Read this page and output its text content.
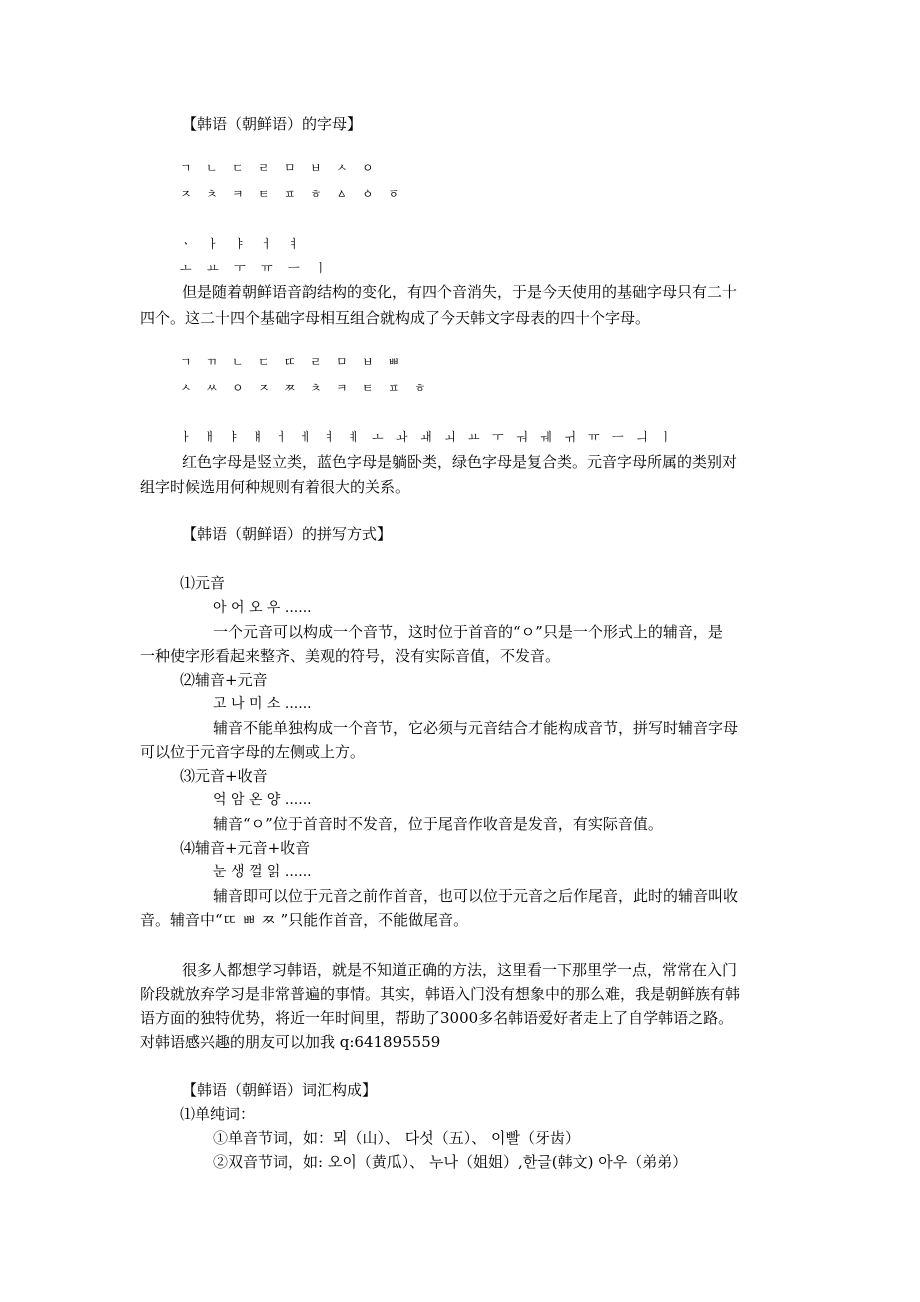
【韩语（朝鲜语）的字母】
ㄱ ㄴ ㄷ ㄹ ㅁ ㅂ ㅅ ㅇ
ㅈ ㅊ ㅋ ㅌ ㅍ ㅎ ㅿ ㆁ ㆆ
ㆍ ㅏ ㅑ ㅓ ㅕ
ㅗ ㅛ ㅜ ㅠ ㅡ ㅣ
但是随着朝鲜语音韵结构的变化，有四个音消失，于是今天使用的基础字母只有二十
四个。这二十四个基础字母相互组合就构成了今天韩文字母表的四十个字母。
ㄱ ㄲ ㄴ ㄷ ㄸ ㄹ ㅁ ㅂ ㅃ
ㅅ ㅆ ㅇ ㅈ ㅉ ㅊ ㅋ ㅌ ㅍ ㅎ
ㅏ ㅐ ㅑ ㅒ ㅓ ㅔ ㅕ ㅖ ㅗ ㅘ ㅙ ㅚ ㅛ ㅜ ㅝ ㅞ ㅟ ㅠ ㅡ ㅢ ㅣ
红色字母是竖立类，蓝色字母是躺卧类，绿色字母是复合类。元音字母所属的类别对
组字时候选用何种规则有着很大的关系。
【韩语（朝鲜语）的拼写方式】
⑴元音
아 어 오 우 ......
一个元音可以构成一个音节，这时位于首音的“ㅇ”只是一个形式上的辅音，是
一种使字形看起来整齐、美观的符号，没有实际音值，不发音。
⑵辅音+元音
고 나 미 소 ......
辅音不能单独构成一个音节，它必须与元音结合才能构成音节，拼写时辅音字母
可以位于元音字母的左侧或上方。
⑶元音+收音
억 암 온 양 ......
辅音“ㅇ”位于首音时不发音，位于尾音作收音是发音，有实际音值。
⑷辅音+元音+收音
눈 생 껄 읽 ......
辅音即可以位于元音之前作首音，也可以位于元音之后作尾音，此时的辅音叫收
音。辅音中“ㄸ ㅃ ㅉ ”只能作首音，不能做尾音。
很多人都想学习韩语，就是不知道正确的方法，这里看一下那里学一点，常常在入门
阶段就放弃学习是非常普遍的事情。其实，韩语入门没有想象中的那么难，我是朝鲜族有韩
语方面的独特优势，将近一年时间里，帮助了3000多名韩语爱好者走上了自学韩语之路。
对韩语感兴趣的朋友可以加我 q:641895559
【韩语（朝鲜语）词汇构成】
⑴单纯词：
①单音节词，如：뫼（山）、 다섯（五）、 이빨（牙齿）
②双音节词，如: 오이（黄瓜）、 누나（姐姐）,한글(韩文) 아우（弟弟）
